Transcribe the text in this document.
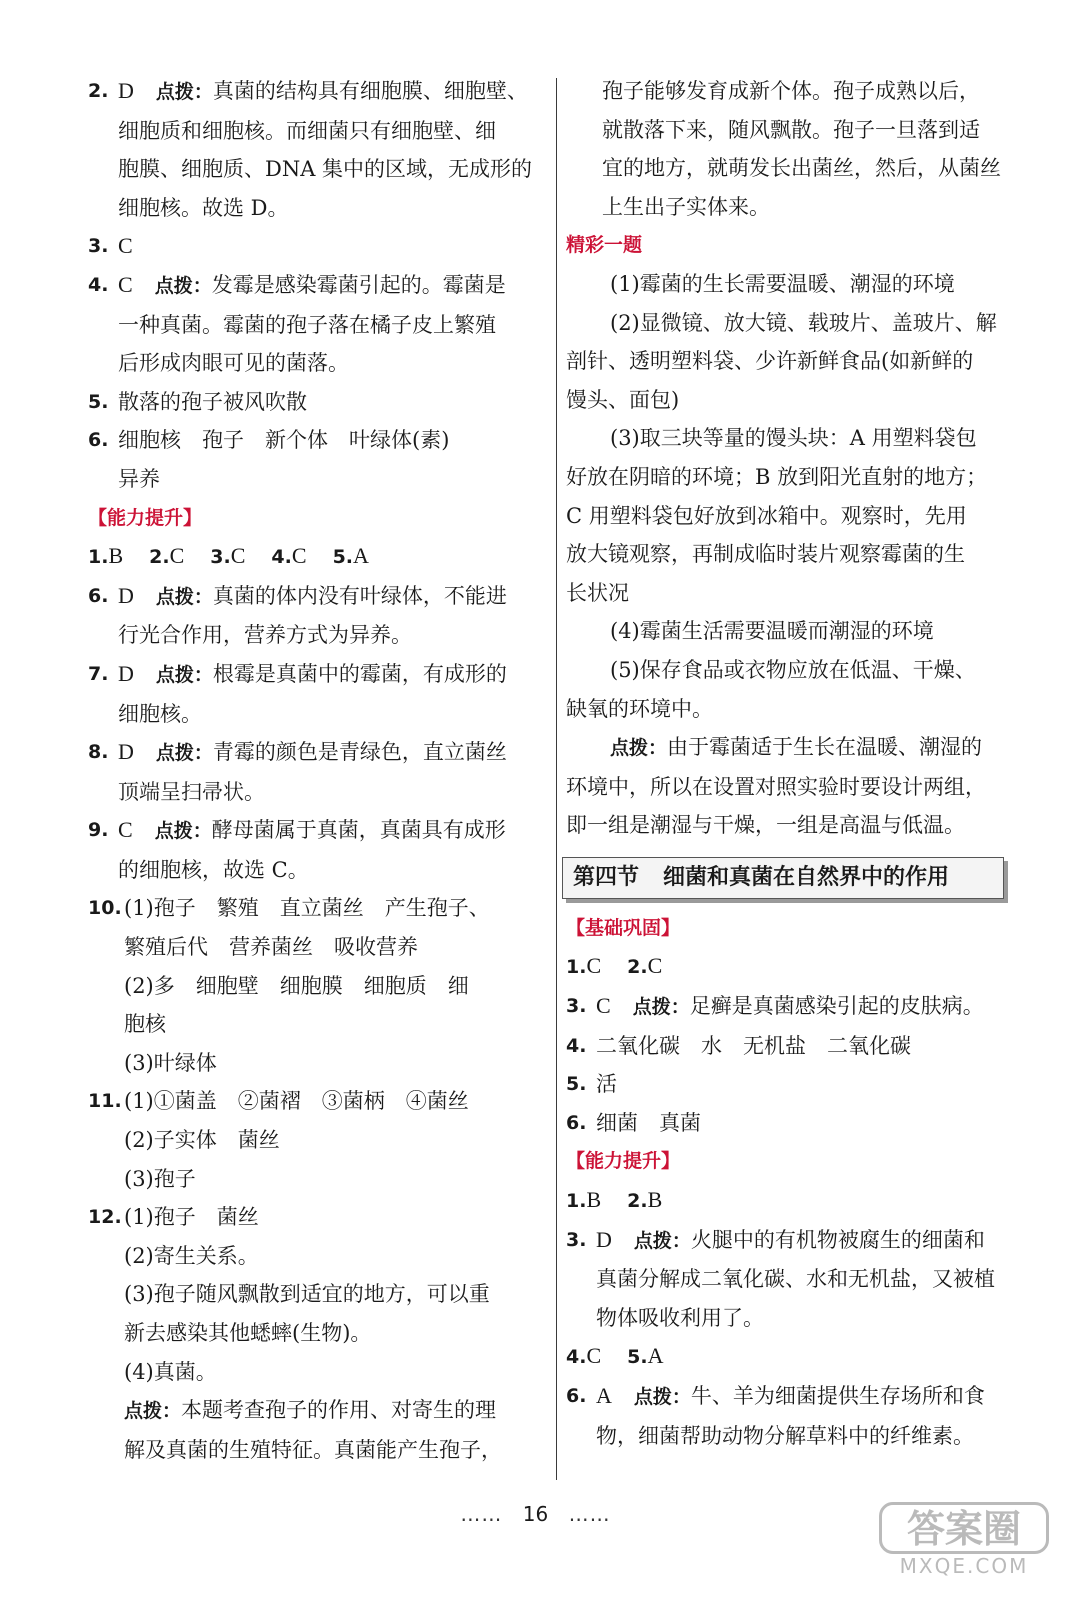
2. D 点拨：真菌的结构具有细胞膜、细胞壁、
细胞质和细胞核。而细菌只有细胞壁、细
胞膜、细胞质、DNA 集中的区域，无成形的
细胞核。故选 D。

3. C

4. C 点拨：发霉是感染霉菌引起的。霉菌是
一种真菌。霉菌的孢子落在橘子皮上繁殖
后形成肉眼可见的菌落。

5. 散落的孢子被风吹散

6. 细胞核　孢子　新个体　叶绿体(素)
异养

【能力提升】

1.B 2.C 3.C 4.C 5.A

6. D 点拨：真菌的体内没有叶绿体，不能进
行光合作用，营养方式为异养。

7. D 点拨：根霉是真菌中的霉菌，有成形的
细胞核。

8. D 点拨：青霉的颜色是青绿色，直立菌丝
顶端呈扫帚状。

9. C 点拨：酵母菌属于真菌，真菌具有成形
的细胞核，故选 C。

10. (1)孢子　繁殖　直立菌丝　产生孢子、
繁殖后代　营养菌丝　吸收营养
(2)多　细胞壁　细胞膜　细胞质　细
胞核
(3)叶绿体

11. (1)①菌盖　②菌褶　③菌柄　④菌丝
(2)子实体　菌丝
(3)孢子

12. (1)孢子　菌丝
(2)寄生关系。
(3)孢子随风飘散到适宜的地方，可以重
新去感染其他蟋蟀(生物)。
(4)真菌。
点拨：本题考查孢子的作用、对寄生的理
解及真菌的生殖特征。真菌能产生孢子，

孢子能够发育成新个体。孢子成熟以后，
就散落下来，随风飘散。孢子一旦落到适
宜的地方，就萌发长出菌丝，然后，从菌丝
上生出子实体来。

精彩一题

(1)霉菌的生长需要温暖、潮湿的环境

(2)显微镜、放大镜、载玻片、盖玻片、解
剖针、透明塑料袋、少许新鲜食品(如新鲜的
馒头、面包)

(3)取三块等量的馒头块：A 用塑料袋包
好放在阴暗的环境；B 放到阳光直射的地方；
C 用塑料袋包好放到冰箱中。观察时，先用
放大镜观察，再制成临时装片观察霉菌的生
长状况

(4)霉菌生活需要温暖而潮湿的环境

(5)保存食品或衣物应放在低温、干燥、
缺氧的环境中。

点拨：由于霉菌适于生长在温暖、潮湿的
环境中，所以在设置对照实验时要设计两组，
即一组是潮湿与干燥，一组是高温与低温。

第四节 细菌和真菌在自然界中的作用

【基础巩固】

1.C 2.C

3. C 点拨：足癣是真菌感染引起的皮肤病。

4. 二氧化碳　水　无机盐　二氧化碳

5. 活

6. 细菌　真菌

【能力提升】

1.B 2.B

3. D 点拨：火腿中的有机物被腐生的细菌和
真菌分解成二氧化碳、水和无机盐，又被植
物体吸收利用了。

4.C 5.A

6. A 点拨：牛、羊为细菌提供生存场所和食
物，细菌帮助动物分解草料中的纤维素。

…… 16 ……	答案圈
MXQE.COM
